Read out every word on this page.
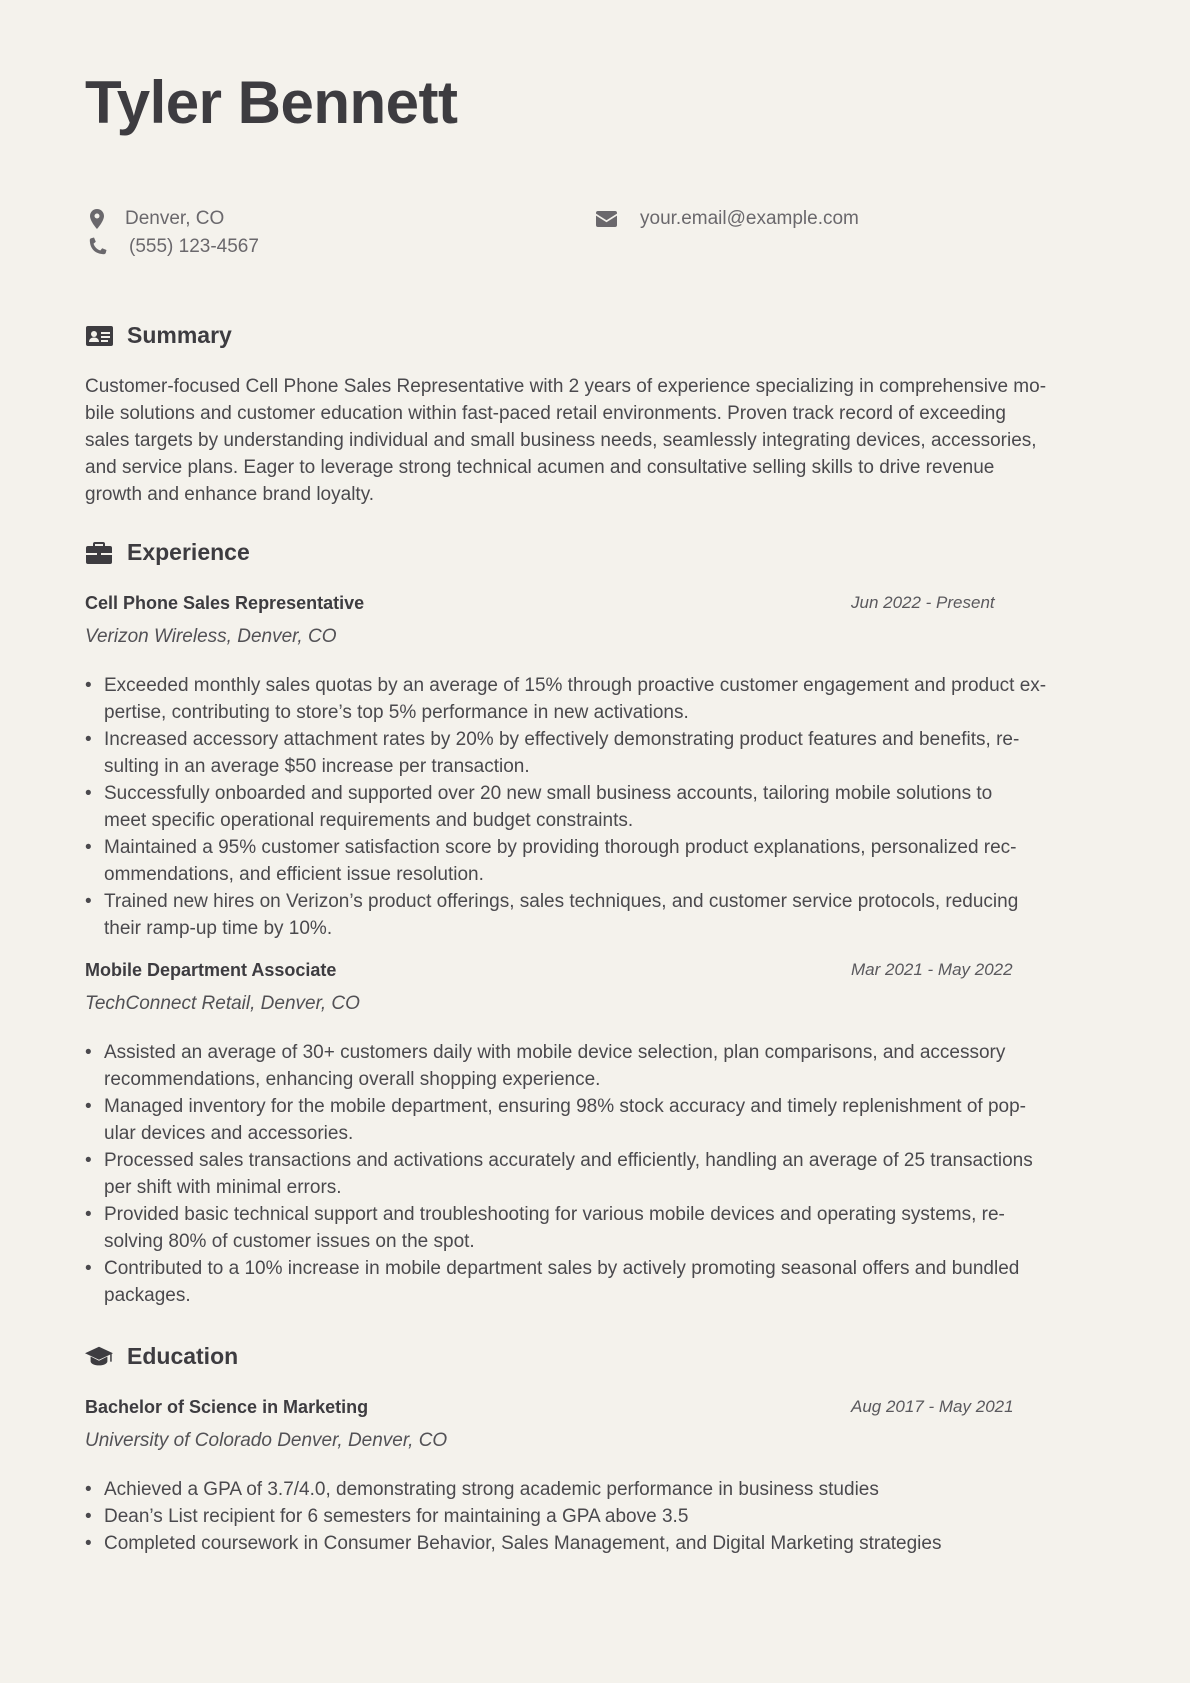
Tyler Bennett
Denver, CO
(555) 123-4567
your.email@example.com
Summary

Customer-focused Cell Phone Sales Representative with 2 years of experience specializing in comprehensive mo-
bile solutions and customer education within fast-paced retail environments. Proven track record of exceeding
sales targets by understanding individual and small business needs, seamlessly integrating devices, accessories,
and service plans. Eager to leverage strong technical acumen and consultative selling skills to drive revenue
growth and enhance brand loyalty.

Experience
Cell Phone Sales Representative	Jun 2022 - Present
Verizon Wireless, Denver, CO
• Exceeded monthly sales quotas by an average of 15% through proactive customer engagement and product ex-
pertise, contributing to store’s top 5% performance in new activations.
• Increased accessory attachment rates by 20% by effectively demonstrating product features and benefits, re-
sulting in an average $50 increase per transaction.
• Successfully onboarded and supported over 20 new small business accounts, tailoring mobile solutions to
meet specific operational requirements and budget constraints.
• Maintained a 95% customer satisfaction score by providing thorough product explanations, personalized rec-
ommendations, and efficient issue resolution.
• Trained new hires on Verizon’s product offerings, sales techniques, and customer service protocols, reducing
their ramp-up time by 10%.
Mobile Department Associate	Mar 2021 - May 2022
TechConnect Retail, Denver, CO
• Assisted an average of 30+ customers daily with mobile device selection, plan comparisons, and accessory
recommendations, enhancing overall shopping experience.
• Managed inventory for the mobile department, ensuring 98% stock accuracy and timely replenishment of pop-
ular devices and accessories.
• Processed sales transactions and activations accurately and efficiently, handling an average of 25 transactions
per shift with minimal errors.
• Provided basic technical support and troubleshooting for various mobile devices and operating systems, re-
solving 80% of customer issues on the spot.
• Contributed to a 10% increase in mobile department sales by actively promoting seasonal offers and bundled
packages.
Education
Bachelor of Science in Marketing	Aug 2017 - May 2021
University of Colorado Denver, Denver, CO
• Achieved a GPA of 3.7/4.0, demonstrating strong academic performance in business studies
• Dean’s List recipient for 6 semesters for maintaining a GPA above 3.5
• Completed coursework in Consumer Behavior, Sales Management, and Digital Marketing strategies
